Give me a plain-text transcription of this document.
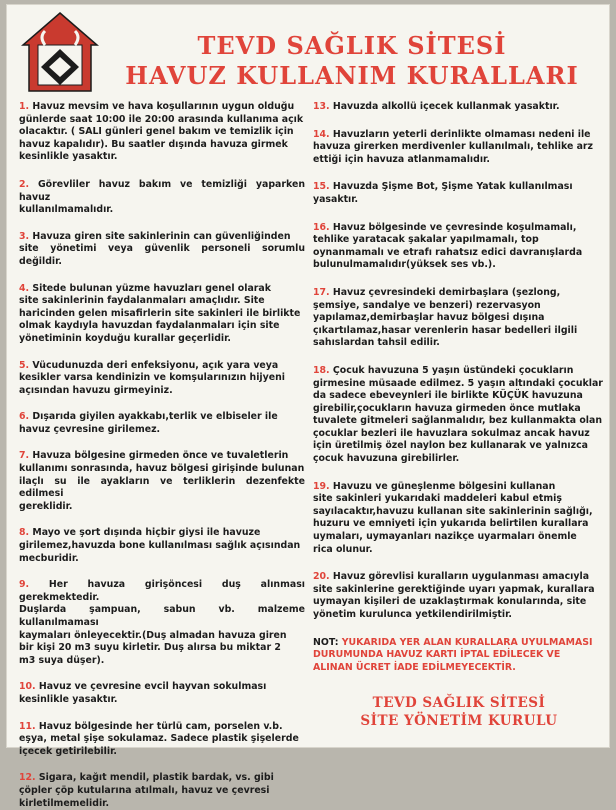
TEVD SAĞLIK SİTESİ
HAVUZ KULLANIM KURALLARI
1. Havuz mevsim ve hava koşullarının uygun olduğu
günlerde saat 10:00 ile 20:00 arasında kullanıma açık
olacaktır. ( SALI günleri genel bakım ve temizlik için
havuz kapalıdır). Bu saatler dışında havuza girmek
kesinlikle yasaktır.
2. Görevliler havuz bakım ve temizliği yaparken havuz
kullanılmamalıdır.
3. Havuza giren site sakinlerinin can güvenliğinden
site yönetimi veya güvenlik personeli sorumlu değildir.
4. Sitede bulunan yüzme havuzları genel olarak
site sakinlerinin faydalanmaları amaçlıdır. Site
haricinden gelen misafirlerin site sakinleri ile birlikte
olmak kaydıyla havuzdan faydalanmaları için site
yönetiminin koyduğu kurallar geçerlidir.
5. Vücudunuzda deri enfeksiyonu, açık yara veya
kesikler varsa kendinizin ve komşularınızın hijyeni
açısından havuzu girmeyiniz.
6. Dışarıda giyilen ayakkabı,terlik ve elbiseler ile
havuz çevresine girilemez.
7. Havuza bölgesine girmeden önce ve tuvaletlerin
kullanımı sonrasında, havuz bölgesi girişinde bulunan
ilaçlı su ile ayakların ve terliklerin dezenfekte edilmesi
gereklidir.
8. Mayo ve şort dışında hiçbir giysi ile havuze
girilemez,havuzda bone kullanılması sağlık açısından
mecburidir.
9. Her havuza girişöncesi duş alınması gerekmektedir.
Duşlarda şampuan, sabun vb. malzeme kullanılmaması
kaymaları önleyecektir.(Duş almadan havuza giren
bir kişi 20 m3 suyu kirletir. Duş alırsa bu miktar 2
m3 suya düşer).
10. Havuz ve çevresine evcil hayvan sokulması
kesinlikle yasaktır.
11. Havuz bölgesinde her türlü cam, porselen v.b.
eşya, metal şişe sokulamaz. Sadece plastik şişelerde
içecek getirilebilir.
12. Sigara, kağıt mendil, plastik bardak, vs. gibi
çöpler çöp kutularına atılmalı, havuz ve çevresi
kirletilmemelidir.
13. Havuzda alkollü içecek kullanmak yasaktır.
14. Havuzların yeterli derinlikte olmaması nedeni ile
havuza girerken merdivenler kullanılmalı, tehlike arz
ettiği için havuza atlanmamalıdır.
15. Havuzda Şişme Bot, Şişme Yatak kullanılması
yasaktır.
16. Havuz bölgesinde ve çevresinde koşulmamalı,
tehlike yaratacak şakalar yapılmamalı, top
oynanmamalı ve etrafı rahatsız edici davranışlarda
bulunulmamalıdır(yüksek ses vb.).
17. Havuz çevresindeki demirbaşlara (şezlong,
şemsiye, sandalye ve benzeri) rezervasyon
yapılamaz,demirbaşlar havuz bölgesi dışına
çıkartılamaz,hasar verenlerin hasar bedelleri ilgili
sahıslardan tahsil edilir.
18. Çocuk havuzuna 5 yaşın üstündeki çocukların
girmesine müsaade edilmez. 5 yaşın altındaki çocuklar
da sadece ebeveynleri ile birlikte KÜÇÜK havuzuna
girebilir,çocukların havuza girmeden önce mutlaka
tuvalete gitmeleri sağlanmalıdır, bez kullanmakta olan
çocuklar bezleri ile havuzlara sokulmaz ancak havuz
için üretilmiş özel naylon bez kullanarak ve yalnızca
çocuk havuzuna girebilirler.
19. Havuzu ve güneşlenme bölgesini kullanan
site sakinleri yukarıdaki maddeleri kabul etmiş
sayılacaktır,havuzu kullanan site sakinlerinin sağlığı,
huzuru ve emniyeti için yukarıda belirtilen kurallara
uymaları, uymayanları nazikçe uyarmaları önemle
rica olunur.
20. Havuz görevlisi kuralların uygulanması amacıyla
site sakinlerine gerektiğinde uyarı yapmak, kurallara
uymayan kişileri de uzaklaştırmak konularında, site
yönetim kurulunca yetkilendirilmiştir.
NOT: YUKARIDA YER ALAN KURALLARA UYULMAMASI
DURUMUNDA HAVUZ KARTI İPTAL EDİLECEK VE
ALINAN ÜCRET İADE EDİLMEYECEKTİR.
TEVD SAĞLIK SİTESİ
SİTE YÖNETİM KURULU
